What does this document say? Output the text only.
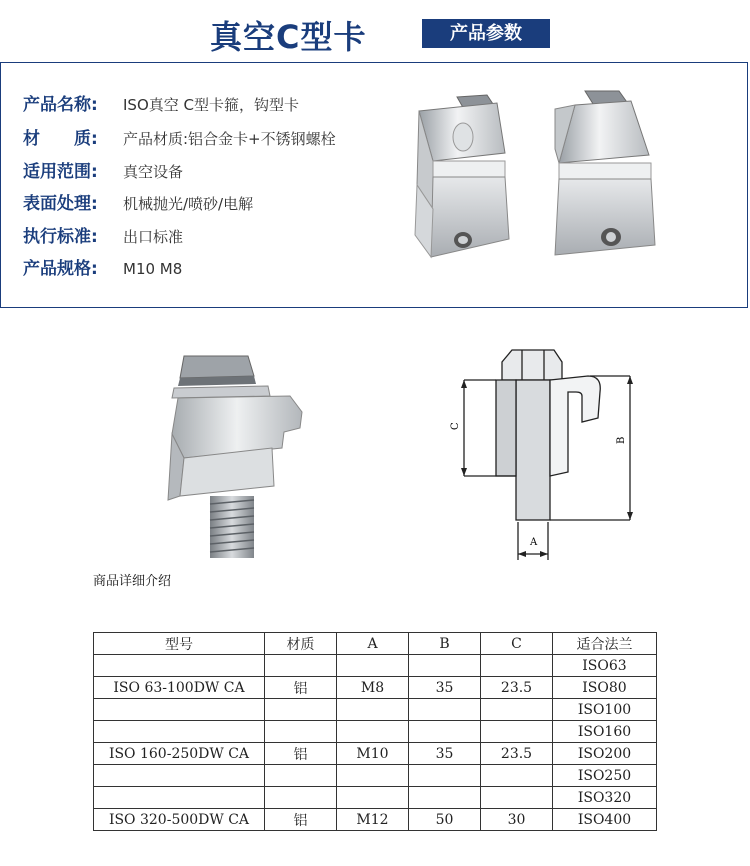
真空C型卡	产品参数
产品名称: ISO真空 C型卡箍，钩型卡
材　　质: 产品材质:铝合金卡+不锈钢螺栓
适用范围: 真空设备
表面处理: 机械抛光/喷砂/电解
执行标准: 出口标准
产品规格: M10 M8
C
B
A
商品详细介绍
型号	材质	A	B	C	适合法兰
					ISO63
ISO 63-100DW CA	铝	M8	35	23.5	ISO80
					ISO100
					ISO160
ISO 160-250DW CA	铝	M10	35	23.5	ISO200
					ISO250
					ISO320
ISO 320-500DW CA	铝	M12	50	30	ISO400
